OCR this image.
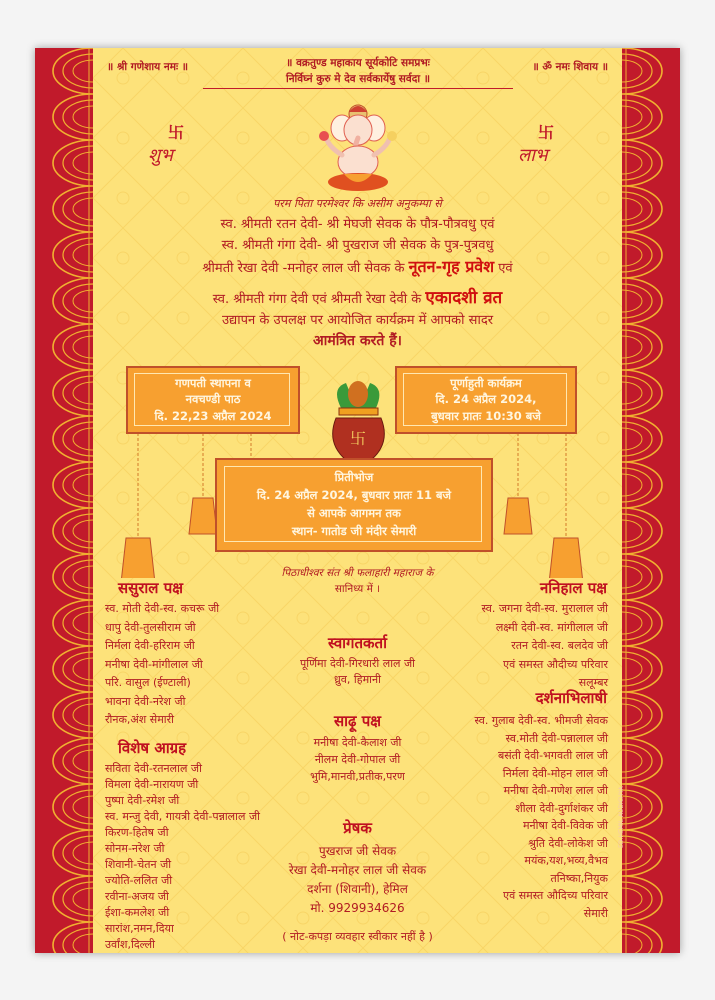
॥ श्री गणेशाय नमः ॥	॥ वक्रतुण्ड महाकाय सूर्यकोटि समप्रभः
निर्विघ्नं कुरु मे देव सर्वकार्येषु सर्वदा ॥
॥ ॐ नमः शिवाय ॥
卐
शुभ
卐
लाभ
परम पिता परमेश्वर कि असीम अनुकम्पा से
स्व. श्रीमती रतन देवी- श्री मेघजी सेवक के पौत्र-पौत्रवधु एवं
स्व. श्रीमती गंगा देवी- श्री पुखराज जी सेवक के पुत्र-पुत्रवधु
श्रीमती रेखा देवी -मनोहर लाल जी सेवक के नूतन-गृह प्रवेश एवं
स्व. श्रीमती गंगा देवी एवं श्रीमती रेखा देवी के एकादशी व्रत
उद्यापन के उपलक्ष पर आयोजित कार्यक्रम में आपको सादर
आमंत्रित करते हैं।
卐
गणपती स्थापना व
नवचण्डी पाठ
दि. 22,23 अप्रैल 2024
पूर्णाहुती कार्यक्रम
दि. 24 अप्रैल 2024,
बुधवार प्रातः 10:30 बजे
प्रितीभोज
दि. 24 अप्रैल 2024, बुधवार प्रातः 11 बजे
से आपके आगमन तक
स्थान- गातोड जी मंदीर सेमारी
पिठाधीश्वर संत श्री फलाहारी महाराज के
सानिध्य में ।
ससुराल पक्ष
स्व. मोती देवी-स्व. कचरू जी
धापु देवी-तुलसीराम जी
निर्मला देवी-हरिराम जी
मनीषा देवी-मांगीलाल जी
परि. वासुल (ईण्टाली)
भावना देवी-नरेश जी
रौनक,अंश सेमारी
विशेष आग्रह
सविता देवी-रतनलाल जी
विमला देवी-नारायण जी
पुष्पा देवी-रमेश जी
स्व. मन्जु देवी, गायत्री देवी-पन्नालाल जी
किरण-हितेष जी
सोनम-नरेश जी
शिवानी-चेतन जी
ज्योति-ललित जी
रवीना-अजय जी
ईशा-कमलेश जी
सारांश,नमन,दिया
उर्वांश,दिल्ली
स्वागतकर्ता
पूर्णिमा देवी-गिरधारी लाल जी
ध्रुव, हिमानी
साढ़ू पक्ष
मनीषा देवी-कैलाश जी
नीलम देवी-गोपाल जी
भुमि,मानवी,प्रतीक,परण
प्रेषक
पुखराज जी सेवक
रेखा देवी-मनोहर लाल जी सेवक
दर्शना (शिवानी), हेमिल
मो. 9929934626
ननिहाल पक्ष
स्व. जगना देवी-स्व. मुरालाल जी
लक्ष्मी देवी-स्व. मांगीलाल जी
रतन देवी-स्व. बलदेव जी
एवं समस्त औदीच्य परिवार
सलूम्बर
दर्शनाभिलाषी
स्व. गुलाब देवी-स्व. भीमजी सेवक
स्व.मोती देवी-पन्नालाल जी
बसंती देवी-भगवती लाल जी
निर्मला देवी-मोहन लाल जी
मनीषा देवी-गणेश लाल जी
शीला देवी-दुर्गाशंकर जी
मनीषा देवी-विवेक जी
श्रुति देवी-लोकेश जी
मयंक,यश,भव्य,वैभव
तनिष्का,नियुक
एवं समस्त औदिच्य परिवार
सेमारी
( नोट-कपड़ा व्यवहार स्वीकार नहीं है )
ED.HEMIL AUDICHYA
